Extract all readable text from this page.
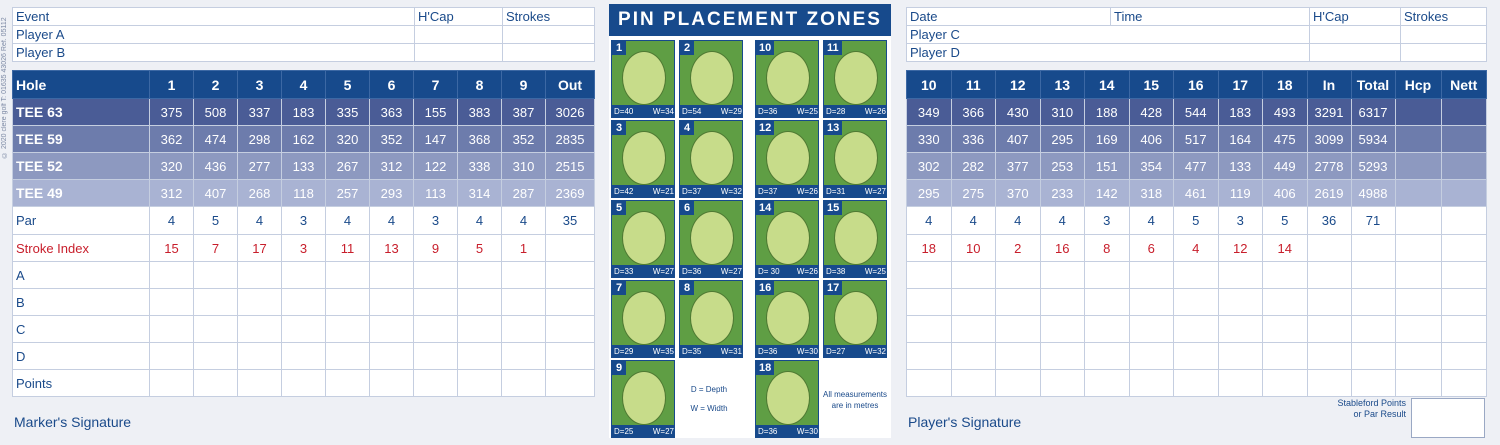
© 2020 clere golf T: 01635 43026 Ref. 05112
Event	H'Cap	Strokes
Player A		
Player B		
Hole	1	2	3	4	5	6	7	8	9	Out
TEE 63	375	508	337	183	335	363	155	383	387	3026
TEE 59	362	474	298	162	320	352	147	368	352	2835
TEE 52	320	436	277	133	267	312	122	338	310	2515
TEE 49	312	407	268	118	257	293	113	314	287	2369
Par	4	5	4	3	4	4	3	4	4	35
Stroke Index	15	7	17	3	11	13	9	5	1	
A										
B										
C										
D										
Points										
Marker's Signature
PIN PLACEMENT ZONES
1
D=40 W=34
2
D=54 W=29
10
D=36 W=25
11
D=28 W=26
3
D=42 W=21
4
D=37 W=32
12
D=37 W=26
13
D=31 W=27
5
D=33 W=27
6
D=36 W=27
14
D= 30 W=26
15
D=38 W=25
7
D=29 W=35
8
D=35 W=31
16
D=36 W=30
17
D=27 W=32
9
D=25 W=27
18
D=36 W=30
D = Depth
W = Width
All measurements
are in metres
Date	Time	H'Cap	Strokes
Player C			
Player D			
10	11	12	13	14	15	16	17	18	In	Total	Hcp	Nett
349	366	430	310	188	428	544	183	493	3291	6317		
330	336	407	295	169	406	517	164	475	3099	5934		
302	282	377	253	151	354	477	133	449	2778	5293		
295	275	370	233	142	318	461	119	406	2619	4988		
4	4	4	4	3	4	5	3	5	36	71		
18	10	2	16	8	6	4	12	14				

Player's Signature
Stableford Points
or Par Result
